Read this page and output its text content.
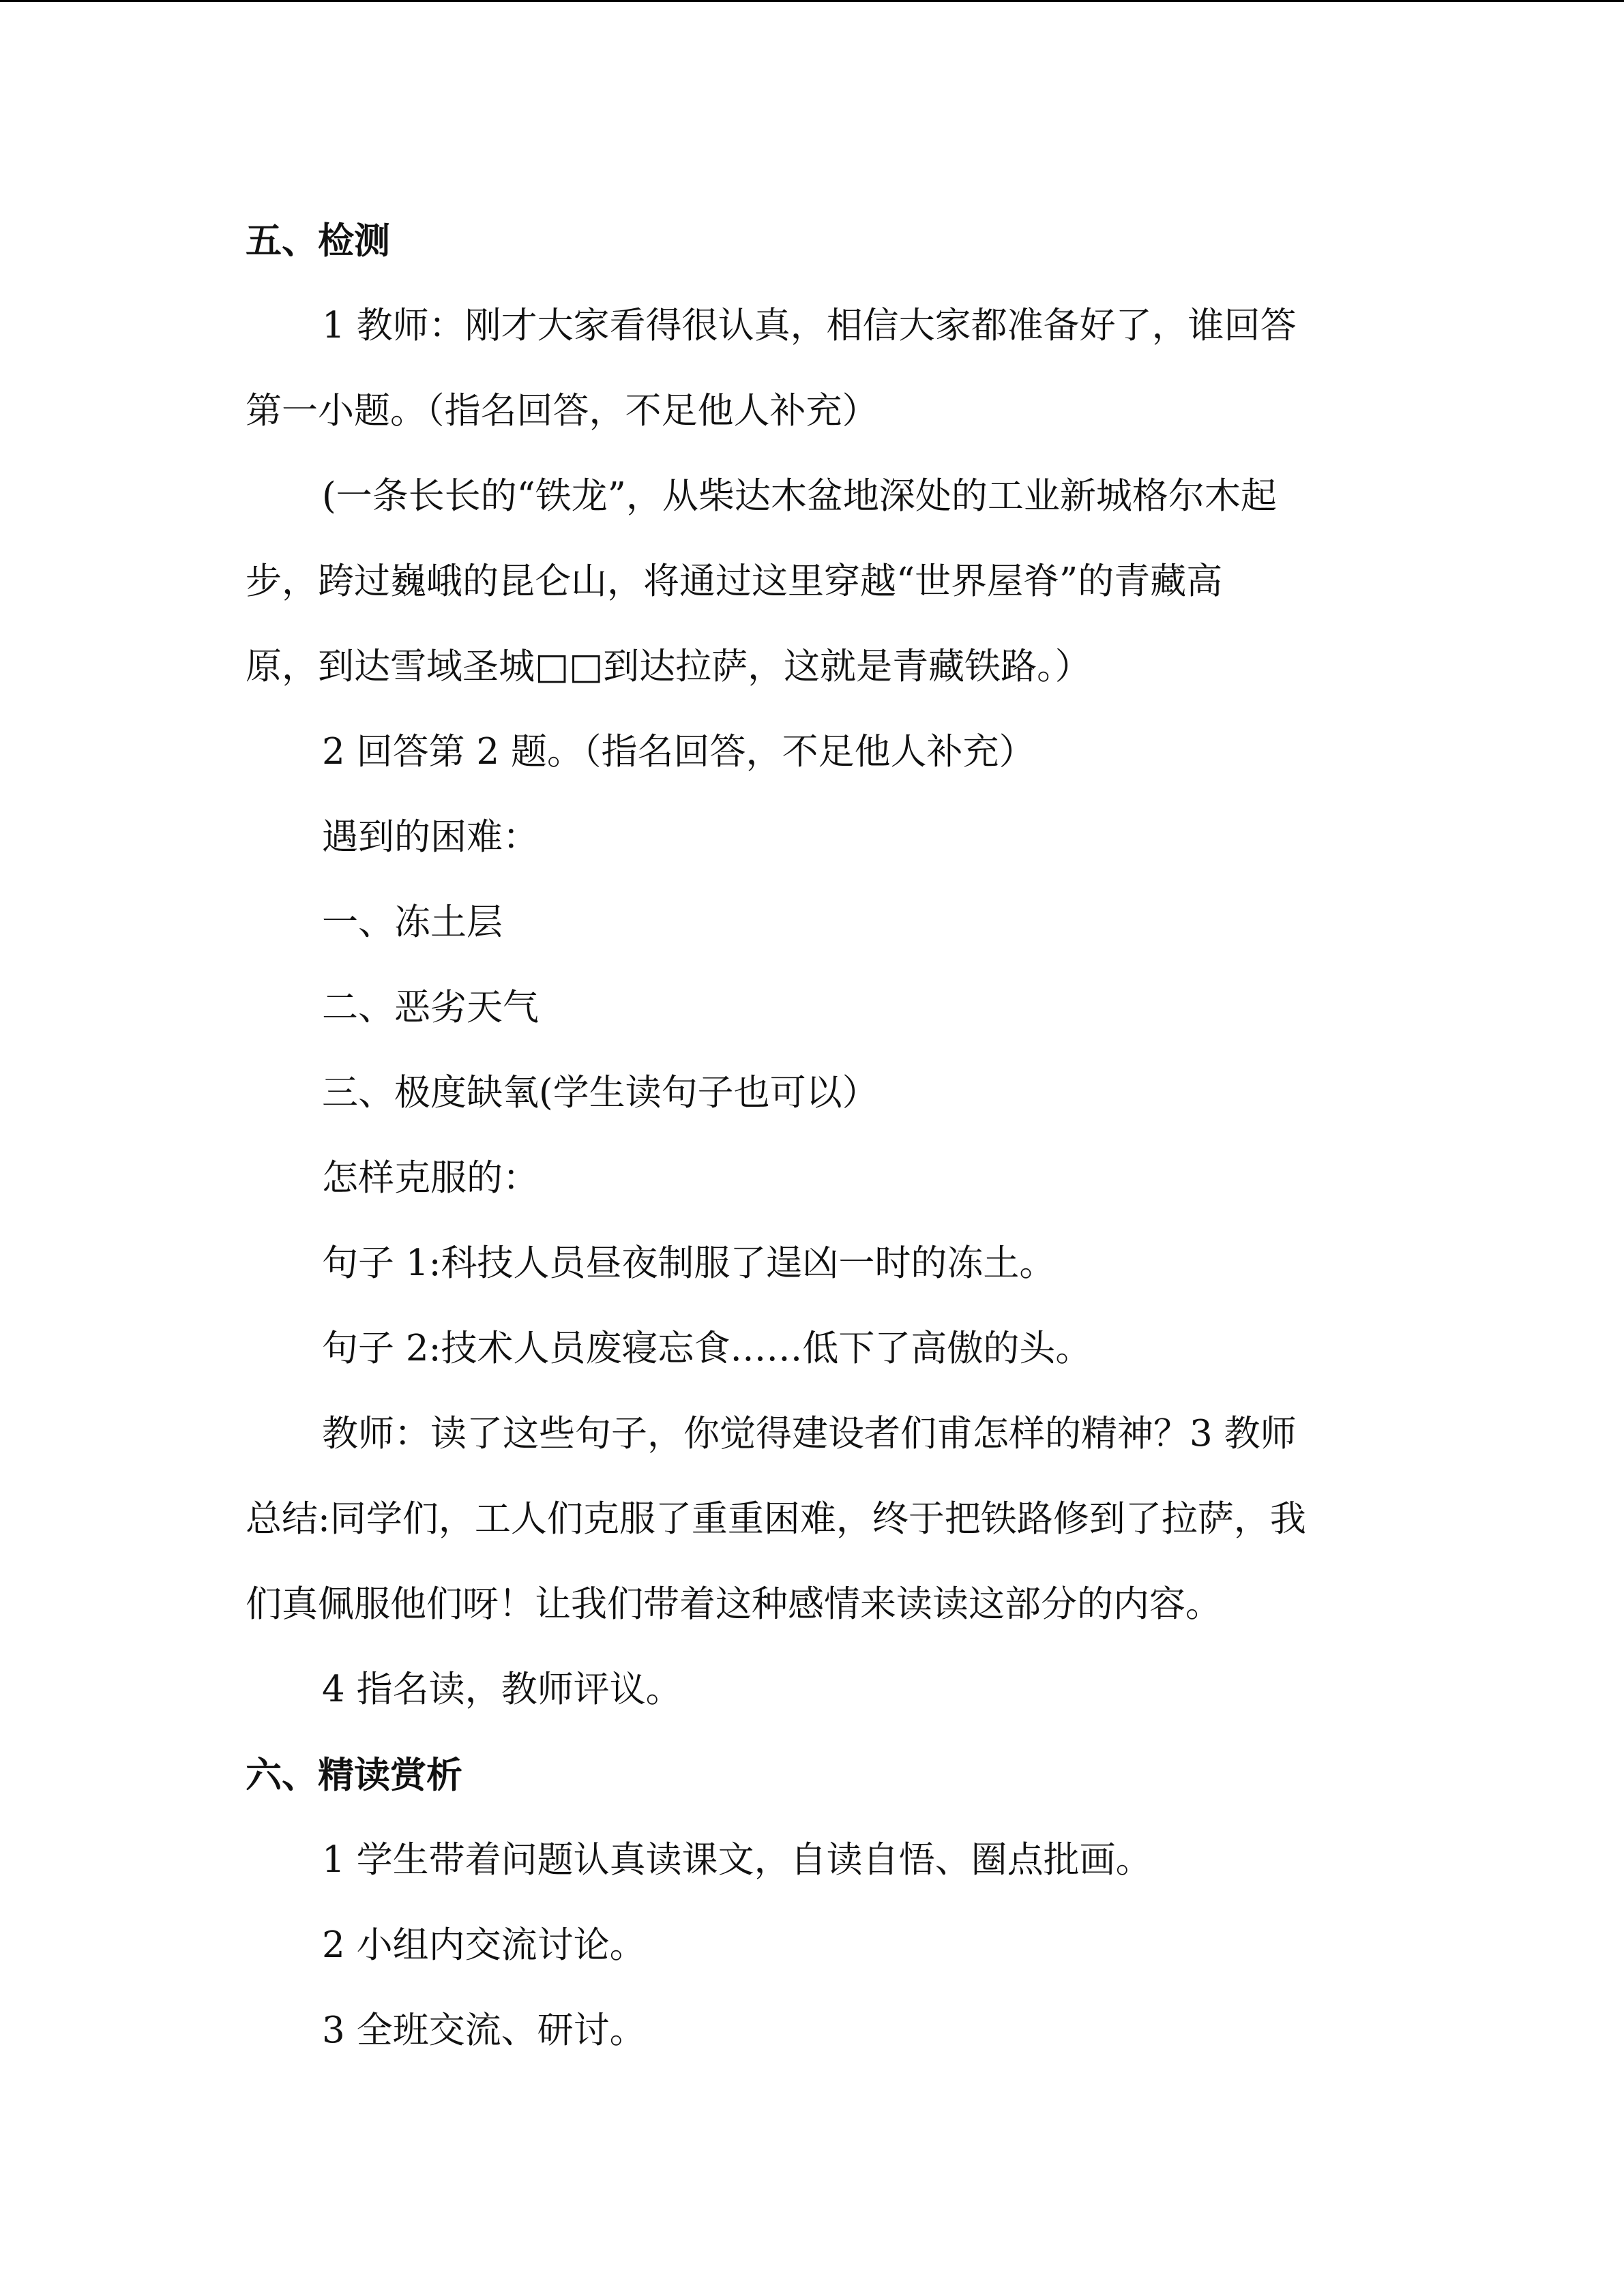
五、检测
1 教师：刚才大家看得很认真，相信大家都准备好了，谁回答
第一小题。（指名回答，不足他人补充）
(一条长长的“铁龙”，从柴达木盆地深处的工业新城格尔木起
步，跨过巍峨的昆仑山，将通过这里穿越“世界屋脊”的青藏高
原，到达雪域圣城□□到达拉萨，这就是青藏铁路。）
2 回答第 2 题。（指名回答，不足他人补充）
遇到的困难：
一、冻土层
二、恶劣天气
三、极度缺氧(学生读句子也可以）
怎样克服的：
句子 1:科技人员昼夜制服了逞凶一时的冻土。
句子 2:技术人员废寝忘食……低下了高傲的头。
教师：读了这些句子，你觉得建设者们甫怎样的精神？3 教师
总结:同学们，工人们克服了重重困难，终于把铁路修到了拉萨，我
们真佩服他们呀！让我们带着这种感情来读读这部分的内容。
4 指名读，教师评议。
六、精读赏析
1 学生带着问题认真读课文，自读自悟、圈点批画。
2 小组内交流讨论。
3 全班交流、研讨。
